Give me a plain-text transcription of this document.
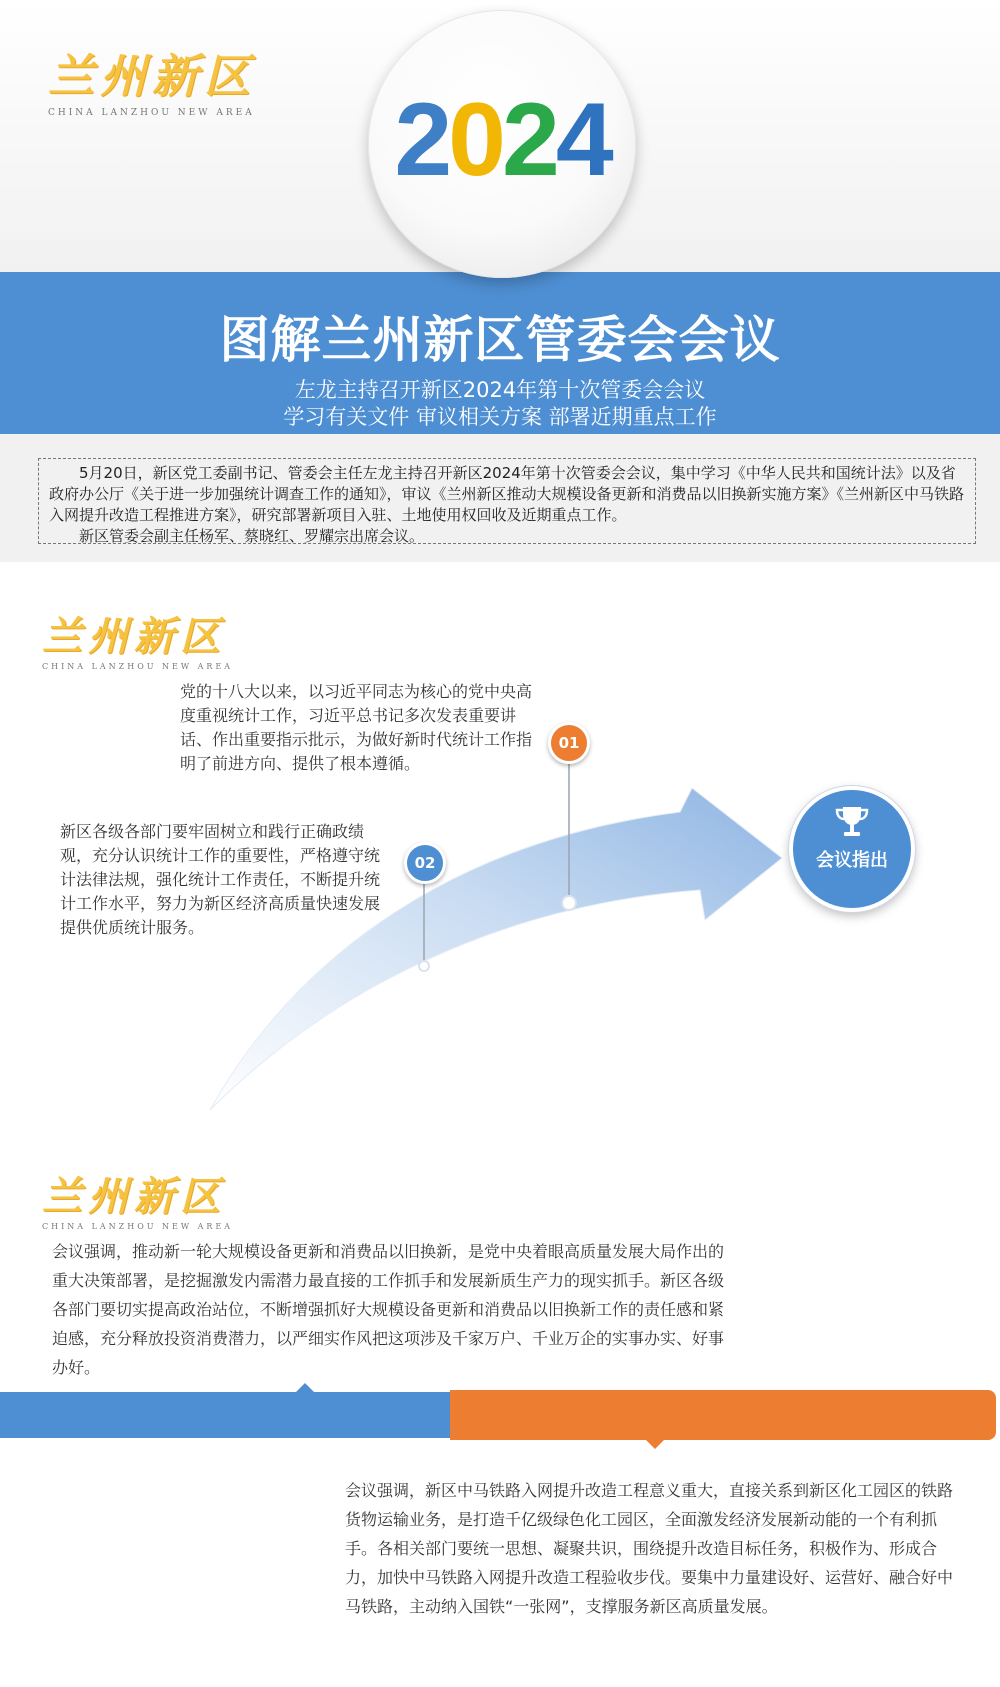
兰州新区
CHINA LANZHOU NEW AREA 2024
图解兰州新区管委会会议
左龙主持召开新区2024年第十次管委会会议
学习有关文件 审议相关方案 部署近期重点工作

5月20日，新区党工委副书记、管委会主任左龙主持召开新区2024年第十次管委会会议，集中学习《中华人民共和国统计法》以及省政府办公厅《关于进一步加强统计调查工作的通知》，审议《兰州新区推动大规模设备更新和消费品以旧换新实施方案》《兰州新区中马铁路入网提升改造工程推进方案》，研究部署新项目入驻、土地使用权回收及近期重点工作。

新区管委会副主任杨军、蔡晓红、罗耀宗出席会议。

兰州新区
CHINA LANZHOU NEW AREA
01
02
党的十八大以来，以习近平同志为核心的党中央高度重视统计工作，习近平总书记多次发表重要讲话、作出重要指示批示，为做好新时代统计工作指明了前进方向、提供了根本遵循。
新区各级各部门要牢固树立和践行正确政绩观，充分认识统计工作的重要性，严格遵守统计法律法规，强化统计工作责任，不断提升统计工作水平，努力为新区经济高质量快速发展提供优质统计服务。
会议指出
兰州新区
CHINA LANZHOU NEW AREA
会议强调，推动新一轮大规模设备更新和消费品以旧换新，是党中央着眼高质量发展大局作出的重大决策部署，是挖掘激发内需潜力最直接的工作抓手和发展新质生产力的现实抓手。新区各级各部门要切实提高政治站位，不断增强抓好大规模设备更新和消费品以旧换新工作的责任感和紧迫感，充分释放投资消费潜力，以严细实作风把这项涉及千家万户、千业万企的实事办实、好事办好。
会议强调，新区中马铁路入网提升改造工程意义重大，直接关系到新区化工园区的铁路货物运输业务，是打造千亿级绿色化工园区，全面激发经济发展新动能的一个有利抓手。各相关部门要统一思想、凝聚共识，围绕提升改造目标任务，积极作为、形成合力，加快中马铁路入网提升改造工程验收步伐。要集中力量建设好、运营好、融合好中马铁路，主动纳入国铁“一张网”，支撑服务新区高质量发展。
